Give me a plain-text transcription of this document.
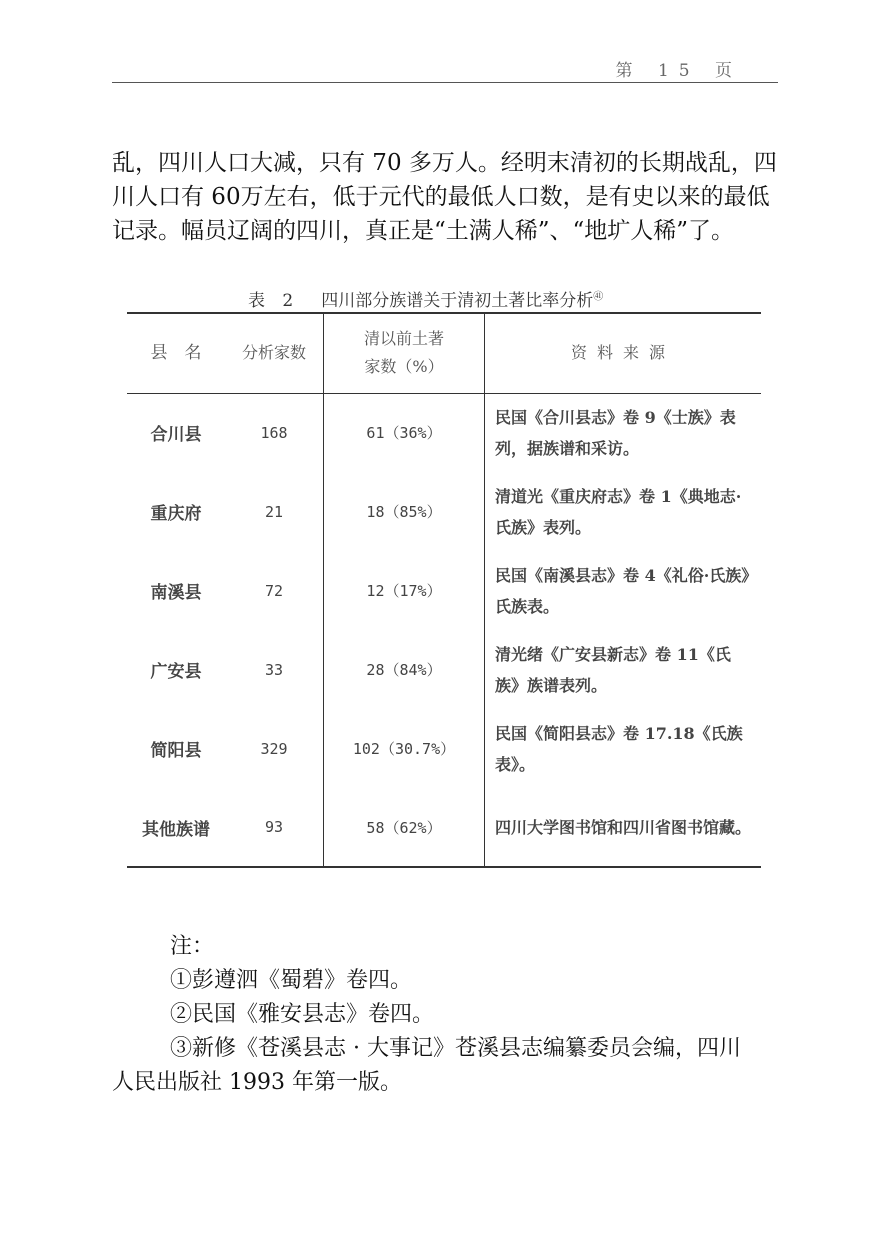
第 15 页

乱，四川人口大减，只有 70 多万人。经明末清初的长期战乱，四
川人口有 60万左右，低于元代的最低人口数，是有史以来的最低
记录。幅员辽阔的四川，真正是“土满人稀”、“地圹人稀”了。

表 2 四川部分族谱关于清初土著比率分析$^㊶$
县　名	分析家数	清以前土著
家数（%）	资料来源
合川县	168	61（36%）	民国《合川县志》卷 9《士族》表列，据族谱和采访。
重庆府	21	18（85%）	清道光《重庆府志》卷 1《典地志·氏族》表列。
南溪县	72	12（17%）	民国《南溪县志》卷 4《礼俗·氏族》氏族表。
广安县	33	28（84%）	清光绪《广安县新志》卷 11《氏族》族谱表列。
简阳县	329	102（30.7%）	民国《简阳县志》卷 17.18《氏族表》。
其他族谱	93	58（62%）	四川大学图书馆和四川省图书馆藏。
注：
①彭遵泗《蜀碧》卷四。
②民国《雅安县志》卷四。
③新修《苍溪县志 · 大事记》苍溪县志编纂委员会编，四川
人民出版社 1993 年第一版。
